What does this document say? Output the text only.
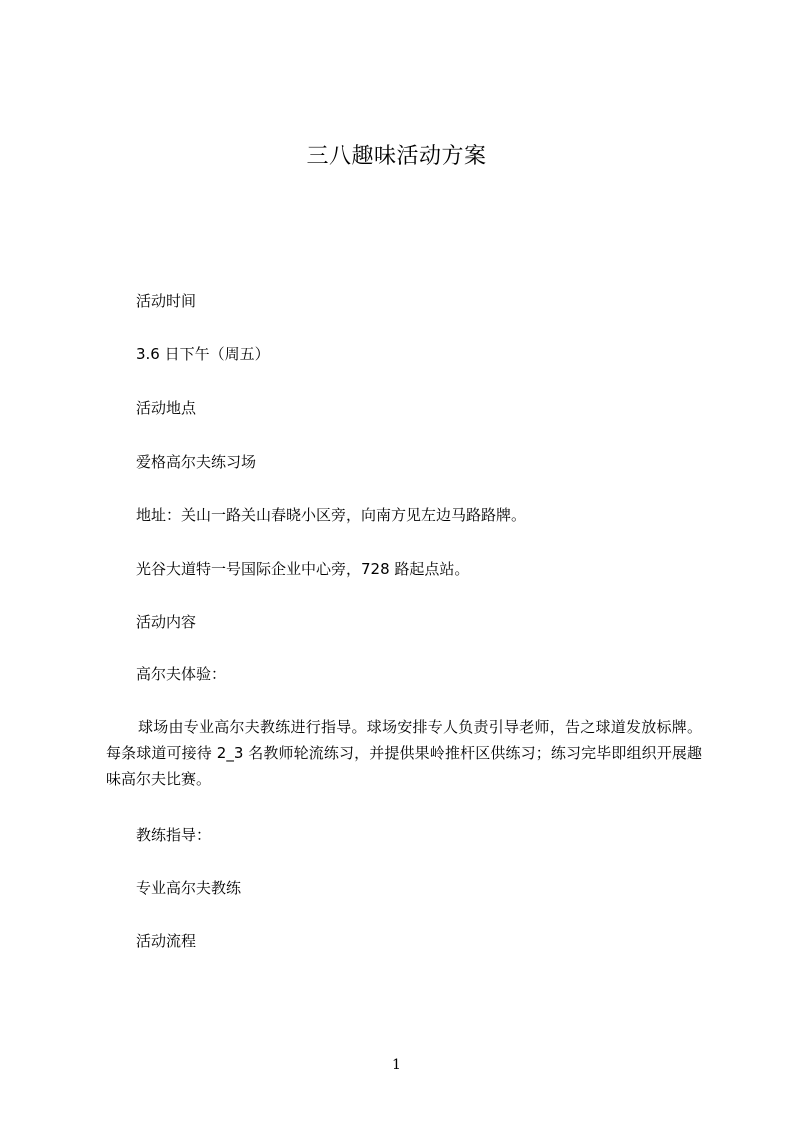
三八趣味活动方案
活动时间
3.6 日下午（周五）
活动地点
爱格高尔夫练习场
地址：关山一路关山春晓小区旁，向南方见左边马路路牌。
光谷大道特一号国际企业中心旁，728 路起点站。
活动内容
高尔夫体验：
球场由专业高尔夫教练进行指导。球场安排专人负责引导老师，告之球道发放标牌。每条球道可接待 2_3 名教师轮流练习，并提供果岭推杆区供练习；练习完毕即组织开展趣味高尔夫比赛。
教练指导：
专业高尔夫教练
活动流程
1
